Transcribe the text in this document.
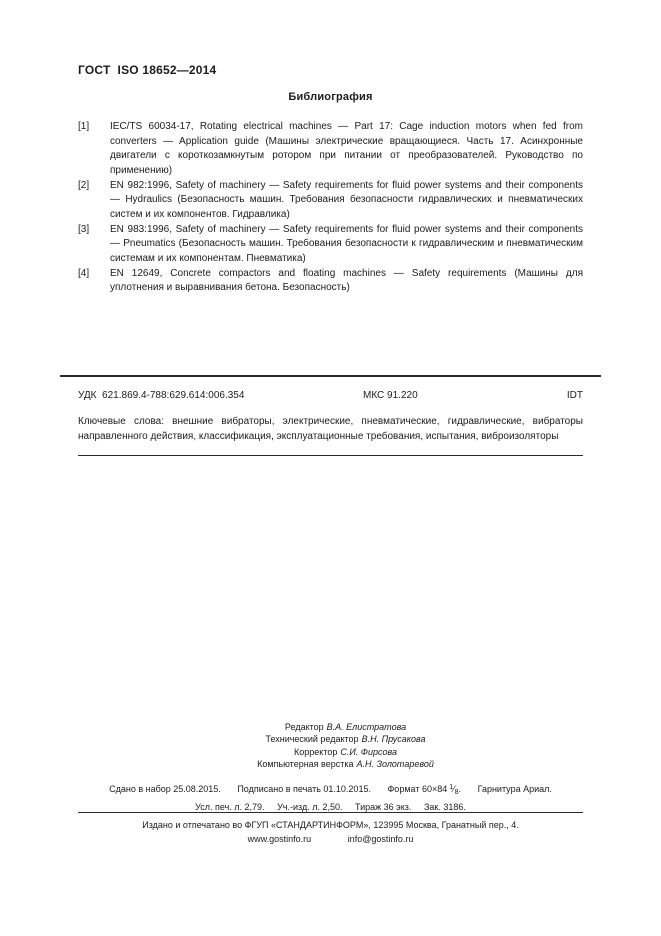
ГОСТ  ISO 18652—2014
Библиография
[1]	IEC/TS 60034-17, Rotating electrical machines — Part 17: Cage induction motors when fed from converters — Application guide (Машины электрические вращающиеся. Часть 17. Асинхронные двигатели с короткозамкнутым ротором при питании от преобразователей. Руководство по применению)
[2]	EN 982:1996, Safety of machinery — Safety requirements for fluid power systems and their components — Hydraulics (Безопасность машин. Требования безопасности гидравлических и пневматических систем и их компонентов. Гидравлика)
[3]	EN 983:1996, Safety of machinery — Safety requirements for fluid power systems and their components — Pneumatics (Безопасность машин. Требования безопасности к гидравлическим и пневматическим системам и их компонентам. Пневматика)
[4]	EN 12649, Concrete compactors and floating machines — Safety requirements (Машины для уплотнения и выравнивания бетона. Безопасность)
УДК  621.869.4-788:629.614:006.354	МКС 91.220	IDT
Ключевые слова: внешние вибраторы, электрические, пневматические, гидравлические, вибраторы направленного действия, классификация, эксплуатационные требования, испытания, виброизоляторы
Редактор В.А. Елистратова
Технический редактор В.Н. Прусакова
Корректор С.И. Фирсова
Компьютерная верстка А.Н. Золотаревой
Сдано в набор 25.08.2015. Подписано в печать 01.10.2015. Формат 60×84 $^1⁄_8$. Гарнитура Ариал.
Усл. печ. л. 2,79. Уч.-изд. л. 2,50. Тираж 36 экз. Зак. 3186.
Издано и отпечатано во ФГУП «СТАНДАРТИНФОРМ», 123995 Москва, Гранатный пер., 4.
www.gostinfo.ru	info@gostinfo.ru
